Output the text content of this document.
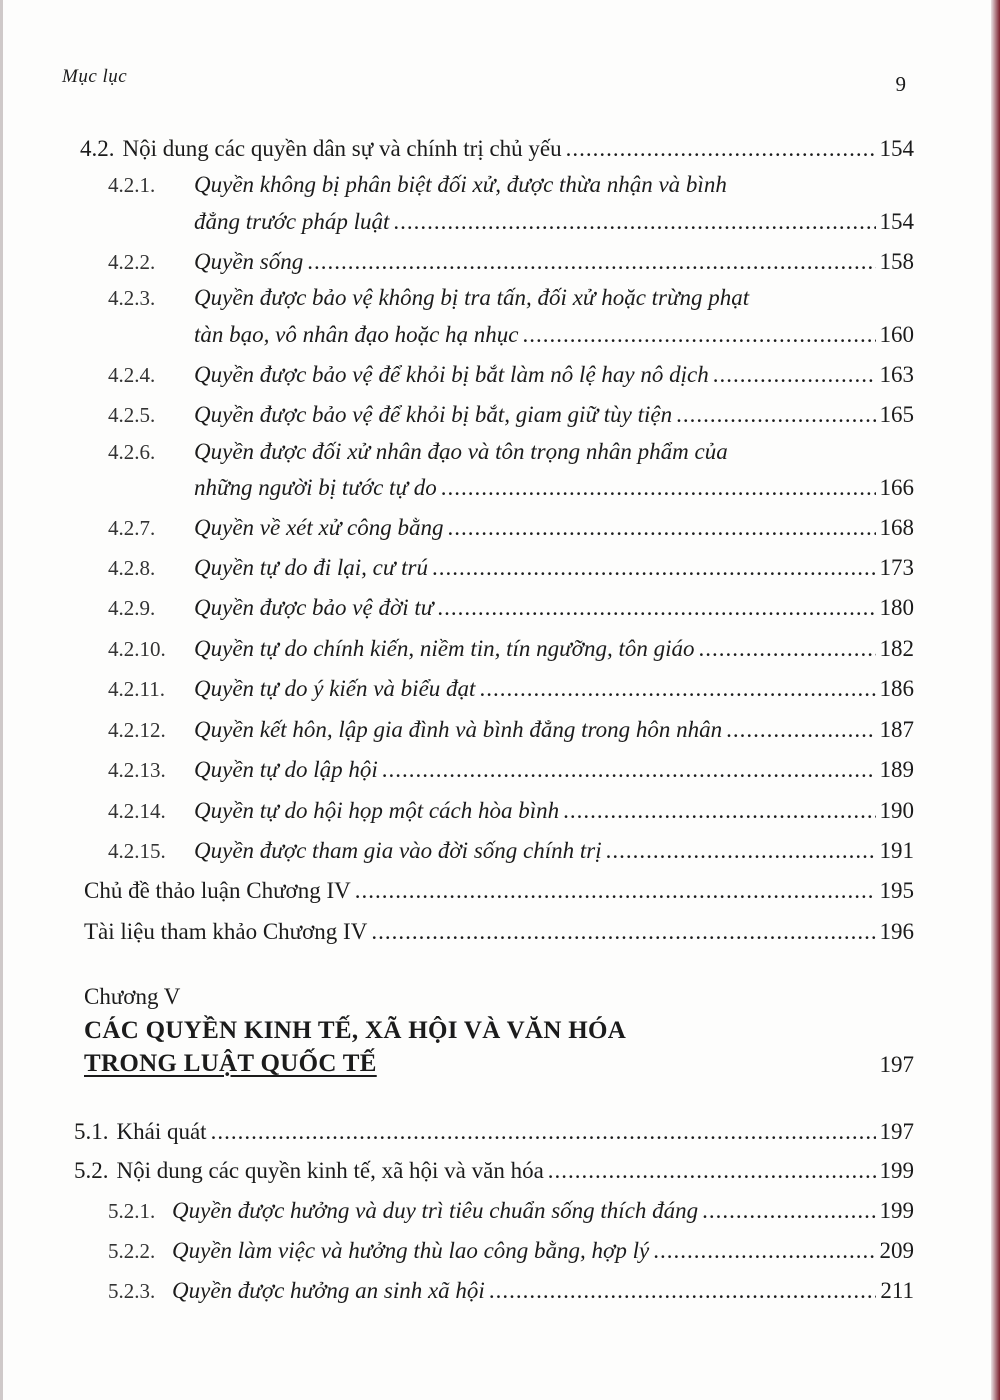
Mục lục	9
4.2. Nội dung các quyền dân sự và chính trị chủ yếu .....	154
4.2.1.	Quyền không bị phân biệt đối xử, được thừa nhận và bình
đẳng trước pháp luật .....	154
4.2.2.	Quyền sống .....	158
4.2.3.	Quyền được bảo vệ không bị tra tấn, đối xử hoặc trừng phạt
tàn bạo, vô nhân đạo hoặc hạ nhục .....	160
4.2.4.	Quyền được bảo vệ để khỏi bị bắt làm nô lệ hay nô dịch .....	163
4.2.5.	Quyền được bảo vệ để khỏi bị bắt, giam giữ tùy tiện .....	165
4.2.6.	Quyền được đối xử nhân đạo và tôn trọng nhân phẩm của
những người bị tước tự do .....	166
4.2.7.	Quyền về xét xử công bằng .....	168
4.2.8.	Quyền tự do đi lại, cư trú .....	173
4.2.9.	Quyền được bảo vệ đời tư .....	180
4.2.10.	Quyền tự do chính kiến, niềm tin, tín ngưỡng, tôn giáo .....	182
4.2.11.	Quyền tự do ý kiến và biểu đạt .....	186
4.2.12.	Quyền kết hôn, lập gia đình và bình đẳng trong hôn nhân .....	187
4.2.13.	Quyền tự do lập hội .....	189
4.2.14.	Quyền tự do hội họp một cách hòa bình .....	190
4.2.15.	Quyền được tham gia vào đời sống chính trị .....	191
Chủ đề thảo luận Chương IV .....	195
Tài liệu tham khảo Chương IV .....	196
Chương V
CÁC QUYỀN KINH TẾ, XÃ HỘI VÀ VĂN HÓA
TRONG LUẬT QUỐC TẾ	197
5.1. Khái quát .....	197
5.2. Nội dung các quyền kinh tế, xã hội và văn hóa .....	199
5.2.1. Quyền được hưởng và duy trì tiêu chuẩn sống thích đáng .....	199
5.2.2. Quyền làm việc và hưởng thù lao công bằng, hợp lý .....	209
5.2.3. Quyền được hưởng an sinh xã hội .....	211
